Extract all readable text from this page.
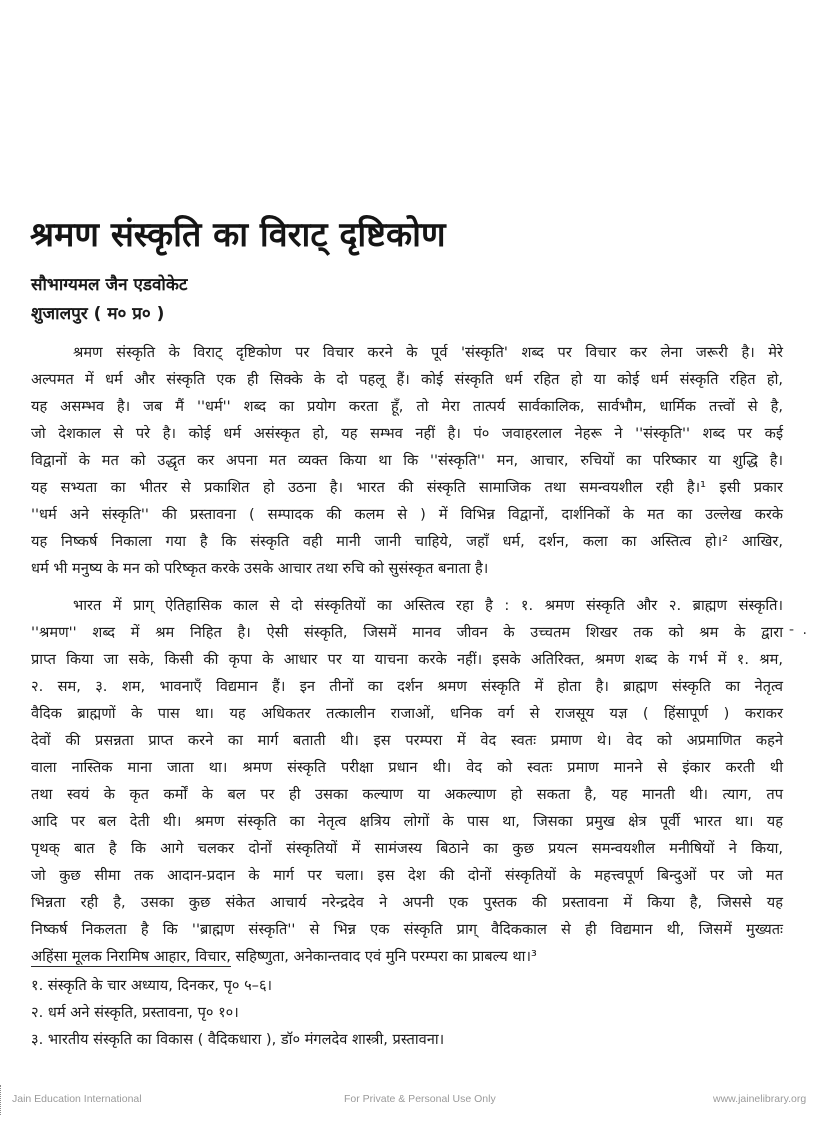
श्रमण संस्कृति का विराट् दृष्टिकोण
सौभाग्यमल जैन एडवोकेट
शुजालपुर ( म० प्र० )
श्रमण संस्कृति के विराट् दृष्टिकोण पर विचार करने के पूर्व 'संस्कृति' शब्द पर विचार कर लेना जरूरी है। मेरे
अल्पमत में धर्म और संस्कृति एक ही सिक्के के दो पहलू हैं। कोई संस्कृति धर्म रहित हो या कोई धर्म संस्कृति रहित हो,
यह असम्भव है। जब मैं ''धर्म'' शब्द का प्रयोग करता हूँ, तो मेरा तात्पर्य सार्वकालिक, सार्वभौम, धार्मिक तत्त्वों से है,
जो देशकाल से परे है। कोई धर्म असंस्कृत हो, यह सम्भव नहीं है। पं० जवाहरलाल नेहरू ने ''संस्कृति'' शब्द पर कई
विद्वानों के मत को उद्धृत कर अपना मत व्यक्त किया था कि ''संस्कृति'' मन, आचार, रुचियों का परिष्कार या शुद्धि है।
यह सभ्यता का भीतर से प्रकाशित हो उठना है। भारत की संस्कृति सामाजिक तथा समन्वयशील रही है।¹ इसी प्रकार
''धर्म अने संस्कृति'' की प्रस्तावना ( सम्पादक की कलम से ) में विभिन्न विद्वानों, दार्शनिकों के मत का उल्लेख करके
यह निष्कर्ष निकाला गया है कि संस्कृति वही मानी जानी चाहिये, जहाँ धर्म, दर्शन, कला का अस्तित्व हो।² आखिर,
धर्म भी मनुष्य के मन को परिष्कृत करके उसके आचार तथा रुचि को सुसंस्कृत बनाता है।
भारत में प्राग् ऐतिहासिक काल से दो संस्कृतियों का अस्तित्व रहा है : १. श्रमण संस्कृति और २. ब्राह्मण संस्कृति।
''श्रमण'' शब्द में श्रम निहित है। ऐसी संस्कृति, जिसमें मानव जीवन के उच्चतम शिखर तक को श्रम के द्वारा
प्राप्त किया जा सके, किसी की कृपा के आधार पर या याचना करके नहीं। इसके अतिरिक्त, श्रमण शब्द के गर्भ में १. श्रम,
२. सम, ३. शम, भावनाएँ विद्यमान हैं। इन तीनों का दर्शन श्रमण संस्कृति में होता है। ब्राह्मण संस्कृति का नेतृत्व
वैदिक ब्राह्मणों के पास था। यह अधिकतर तत्कालीन राजाओं, धनिक वर्ग से राजसूय यज्ञ ( हिंसापूर्ण ) कराकर
देवों की प्रसन्नता प्राप्त करने का मार्ग बताती थी। इस परम्परा में वेद स्वतः प्रमाण थे। वेद को अप्रमाणित कहने
वाला नास्तिक माना जाता था। श्रमण संस्कृति परीक्षा प्रधान थी। वेद को स्वतः प्रमाण मानने से इंकार करती थी
तथा स्वयं के कृत कर्मों के बल पर ही उसका कल्याण या अकल्याण हो सकता है, यह मानती थी। त्याग, तप
आदि पर बल देती थी। श्रमण संस्कृति का नेतृत्व क्षत्रिय लोगों के पास था, जिसका प्रमुख क्षेत्र पूर्वी भारत था। यह
पृथक् बात है कि आगे चलकर दोनों संस्कृतियों में सामंजस्य बिठाने का कुछ प्रयत्न समन्वयशील मनीषियों ने किया,
जो कुछ सीमा तक आदान-प्रदान के मार्ग पर चला। इस देश की दोनों संस्कृतियों के महत्त्वपूर्ण बिन्दुओं पर जो मत
भिन्नता रही है, उसका कुछ संकेत आचार्य नरेन्द्रदेव ने अपनी एक पुस्तक की प्रस्तावना में किया है, जिससे यह
निष्कर्ष निकलता है कि ''ब्राह्मण संस्कृति'' से भिन्न एक संस्कृति प्राग् वैदिककाल से ही विद्यमान थी, जिसमें मुख्यतः
अहिंसा मूलक निरामिष आहार, विचार, सहिष्णुता, अनेकान्तवाद एवं मुनि परम्परा का प्राबल्य था।³
- .
१. संस्कृति के चार अध्याय, दिनकर, पृ० ५–६।
२. धर्म अने संस्कृति, प्रस्तावना, पृ० १०।
३. भारतीय संस्कृति का विकास ( वैदिकधारा ), डॉ० मंगलदेव शास्त्री, प्रस्तावना।
Jain Education International	For Private & Personal Use Only	www.jainelibrary.org
